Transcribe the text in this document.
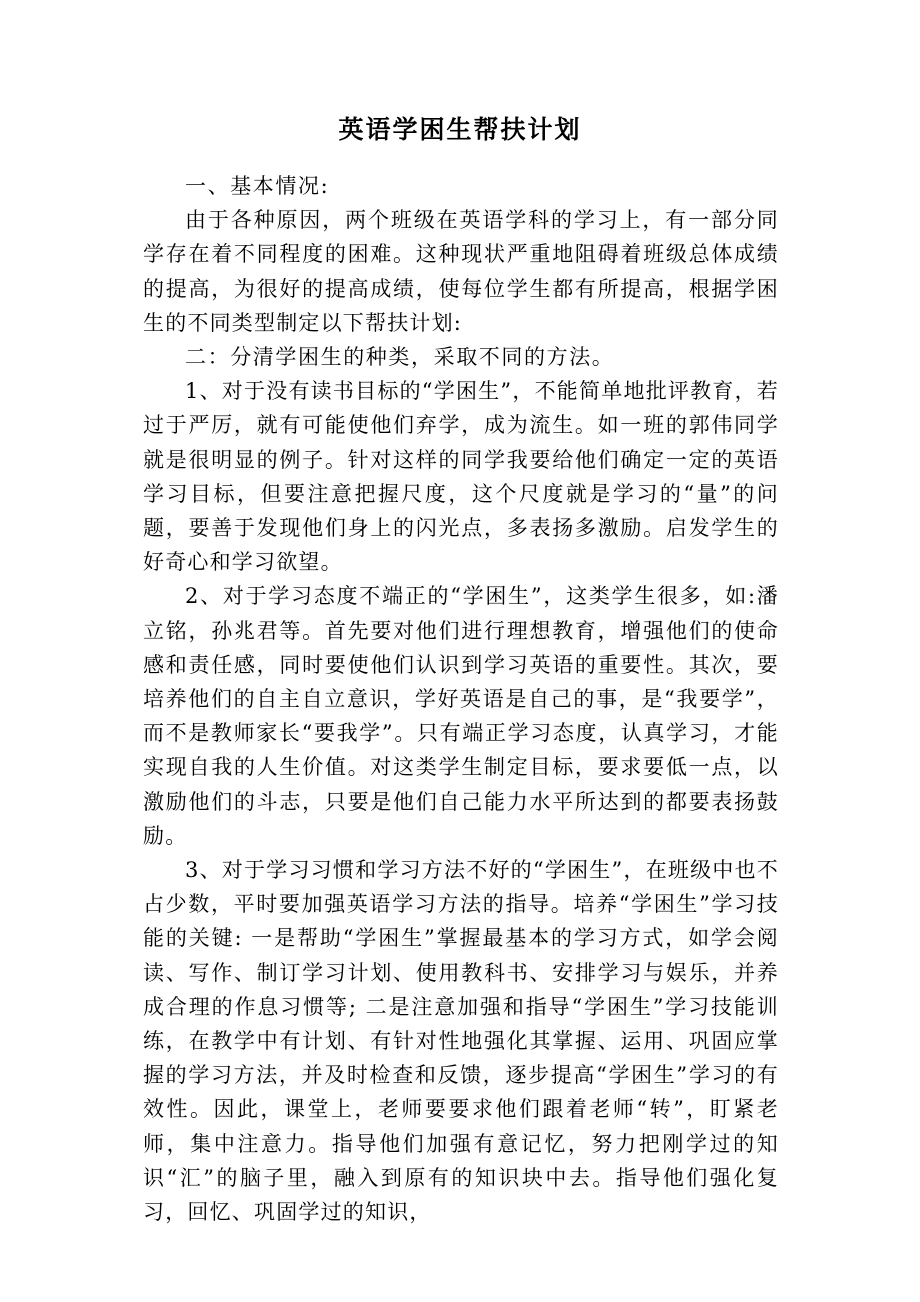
英语学困生帮扶计划

一、基本情况:

由于各种原因，两个班级在英语学科的学习上，有一部分同学存在着不同程度的困难。这种现状严重地阻碍着班级总体成绩的提高，为很好的提高成绩，使每位学生都有所提高，根据学困生的不同类型制定以下帮扶计划:

二：分清学困生的种类，采取不同的方法。

1、对于没有读书目标的“学困生”，不能简单地批评教育，若过于严厉，就有可能使他们弃学，成为流生。如一班的郭伟同学就是很明显的例子。针对这样的同学我要给他们确定一定的英语学习目标，但要注意把握尺度，这个尺度就是学习的“量”的问题，要善于发现他们身上的闪光点，多表扬多激励。启发学生的好奇心和学习欲望。

2、对于学习态度不端正的“学困生”，这类学生很多，如:潘立铭，孙兆君等。首先要对他们进行理想教育，增强他们的使命感和责任感，同时要使他们认识到学习英语的重要性。其次，要培养他们的自主自立意识，学好英语是自己的事，是“我要学”，而不是教师家长“要我学”。只有端正学习态度，认真学习，才能实现自我的人生价值。对这类学生制定目标，要求要低一点，以激励他们的斗志，只要是他们自己能力水平所达到的都要表扬鼓励。

3、对于学习习惯和学习方法不好的“学困生”，在班级中也不占少数，平时要加强英语学习方法的指导。培养“学困生”学习技能的关键: 一是帮助“学困生”掌握最基本的学习方式，如学会阅读、写作、制订学习计划、使用教科书、安排学习与娱乐，并养成合理的作息习惯等; 二是注意加强和指导“学困生”学习技能训练，在教学中有计划、有针对性地强化其掌握、运用、巩固应掌握的学习方法，并及时检查和反馈，逐步提高“学困生”学习的有效性。因此，课堂上，老师要要求他们跟着老师“转”，盯紧老师，集中注意力。指导他们加强有意记忆，努力把刚学过的知识“汇”的脑子里，融入到原有的知识块中去。指导他们强化复习，回忆、巩固学过的知识，
